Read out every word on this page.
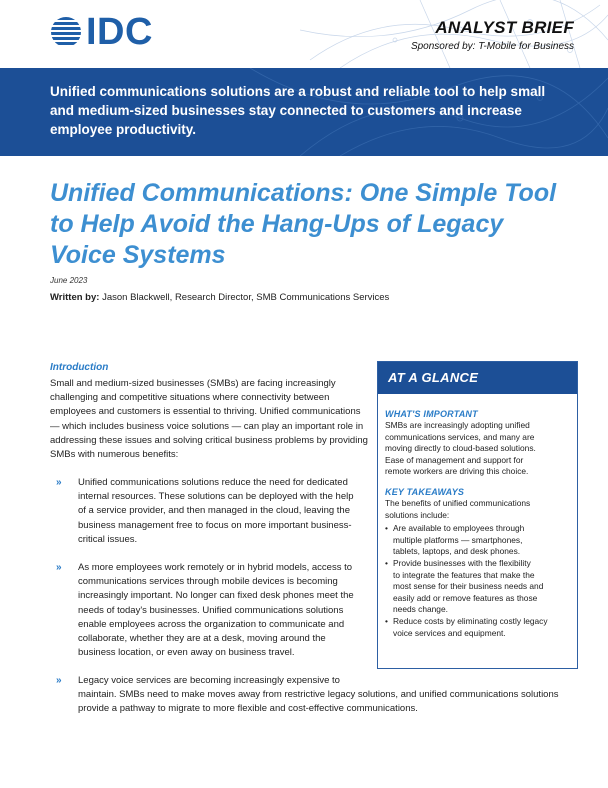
IDC	ANALYST BRIEF
Sponsored by: T-Mobile for Business
Unified communications solutions are a robust and reliable tool to help small and medium-sized businesses stay connected to customers and increase employee productivity.
Unified Communications: One Simple Tool
to Help Avoid the Hang-Ups of Legacy
Voice Systems
June 2023
Written by: Jason Blackwell, Research Director, SMB Communications Services
Introduction
Small and medium-sized businesses (SMBs) are facing increasingly
challenging and competitive situations where connectivity between
employees and customers is essential to thriving. Unified communications
— which includes business voice solutions — can play an important role in
addressing these issues and solving critical business problems by providing
SMBs with numerous benefits:
» Unified communications solutions reduce the need for dedicated
internal resources. These solutions can be deployed with the help
of a service provider, and then managed in the cloud, leaving the
business management free to focus on more important business-
critical issues.
» As more employees work remotely or in hybrid models, access to
communications services through mobile devices is becoming
increasingly important. No longer can fixed desk phones meet the
needs of today's businesses. Unified communications solutions
enable employees across the organization to communicate and
collaborate, whether they are at a desk, moving around the
business location, or even away on business travel.
» Legacy voice services are becoming increasingly expensive to
maintain. SMBs need to make moves away from restrictive legacy solutions, and unified communications solutions
provide a pathway to migrate to more flexible and cost-effective communications.
AT A GLANCE
WHAT'S IMPORTANT
SMBs are increasingly adopting unified
communications services, and many are
moving directly to cloud-based solutions.
Ease of management and support for
remote workers are driving this choice.
KEY TAKEAWAYS
The benefits of unified communications
solutions include:
• Are available to employees through
multiple platforms — smartphones,
tablets, laptops, and desk phones.
• Provide businesses with the flexibility
to integrate the features that make the
most sense for their business needs and
easily add or remove features as those
needs change.
• Reduce costs by eliminating costly legacy
voice services and equipment.
